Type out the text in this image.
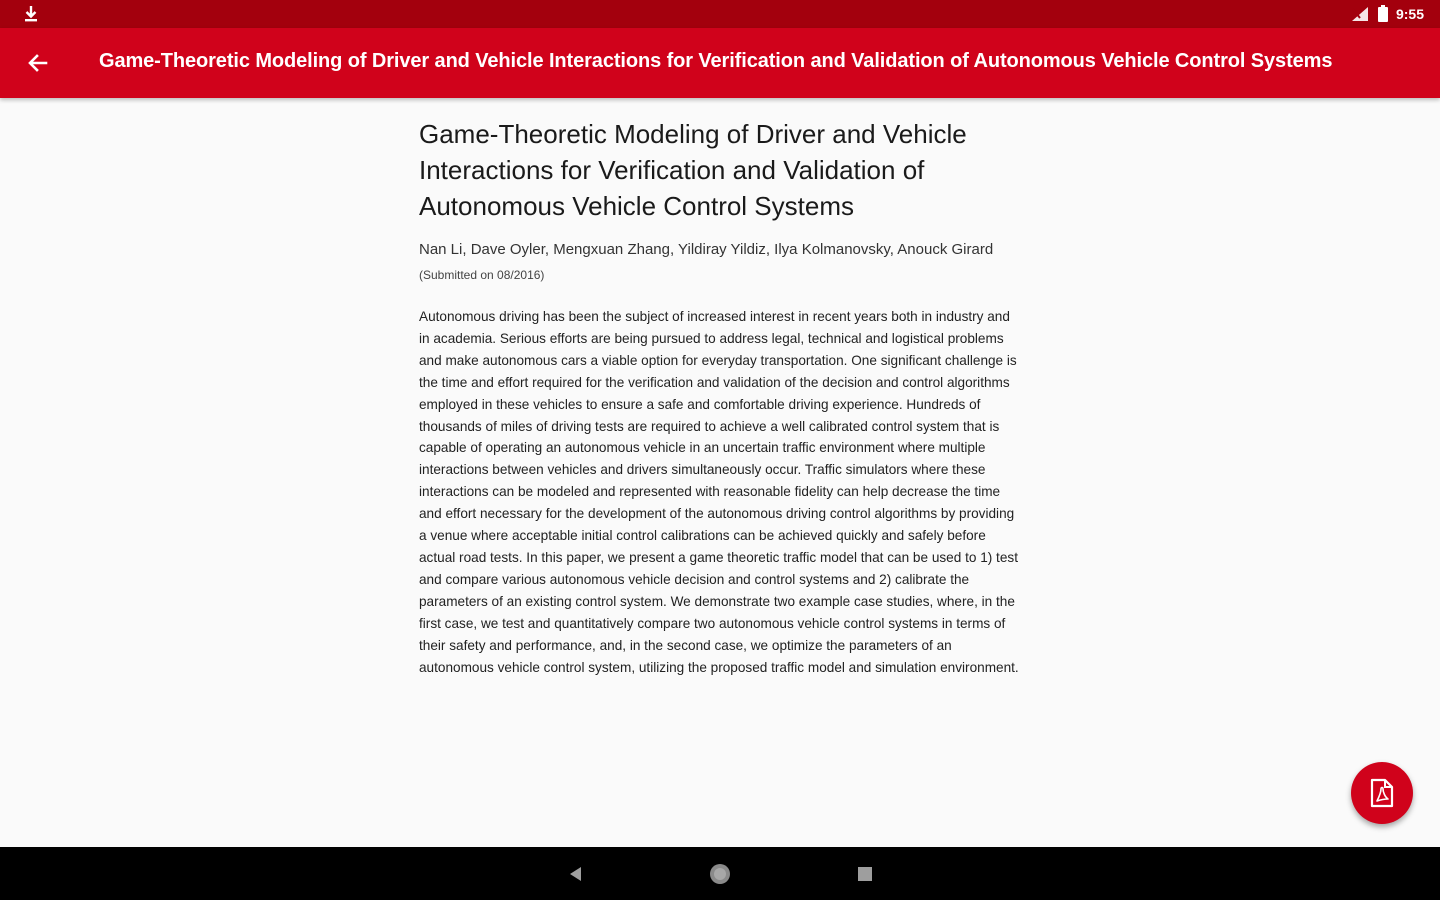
9:55
Game-Theoretic Modeling of Driver and Vehicle Interactions for Verification and Validation of Autonomous Vehicle Control Systems
Game-Theoretic Modeling of Driver and Vehicle Interactions for Verification and Validation of Autonomous Vehicle Control Systems
Nan Li, Dave Oyler, Mengxuan Zhang, Yildiray Yildiz, Ilya Kolmanovsky, Anouck Girard
(Submitted on 08/2016)
Autonomous driving has been the subject of increased interest in recent years both in industry and in academia. Serious efforts are being pursued to address legal, technical and logistical problems and make autonomous cars a viable option for everyday transportation. One significant challenge is the time and effort required for the verification and validation of the decision and control algorithms employed in these vehicles to ensure a safe and comfortable driving experience. Hundreds of thousands of miles of driving tests are required to achieve a well calibrated control system that is capable of operating an autonomous vehicle in an uncertain traffic environment where multiple interactions between vehicles and drivers simultaneously occur. Traffic simulators where these interactions can be modeled and represented with reasonable fidelity can help decrease the time and effort necessary for the development of the autonomous driving control algorithms by providing a venue where acceptable initial control calibrations can be achieved quickly and safely before actual road tests. In this paper, we present a game theoretic traffic model that can be used to 1) test and compare various autonomous vehicle decision and control systems and 2) calibrate the parameters of an existing control system. We demonstrate two example case studies, where, in the first case, we test and quantitatively compare two autonomous vehicle control systems in terms of their safety and performance, and, in the second case, we optimize the parameters of an autonomous vehicle control system, utilizing the proposed traffic model and simulation environment.
